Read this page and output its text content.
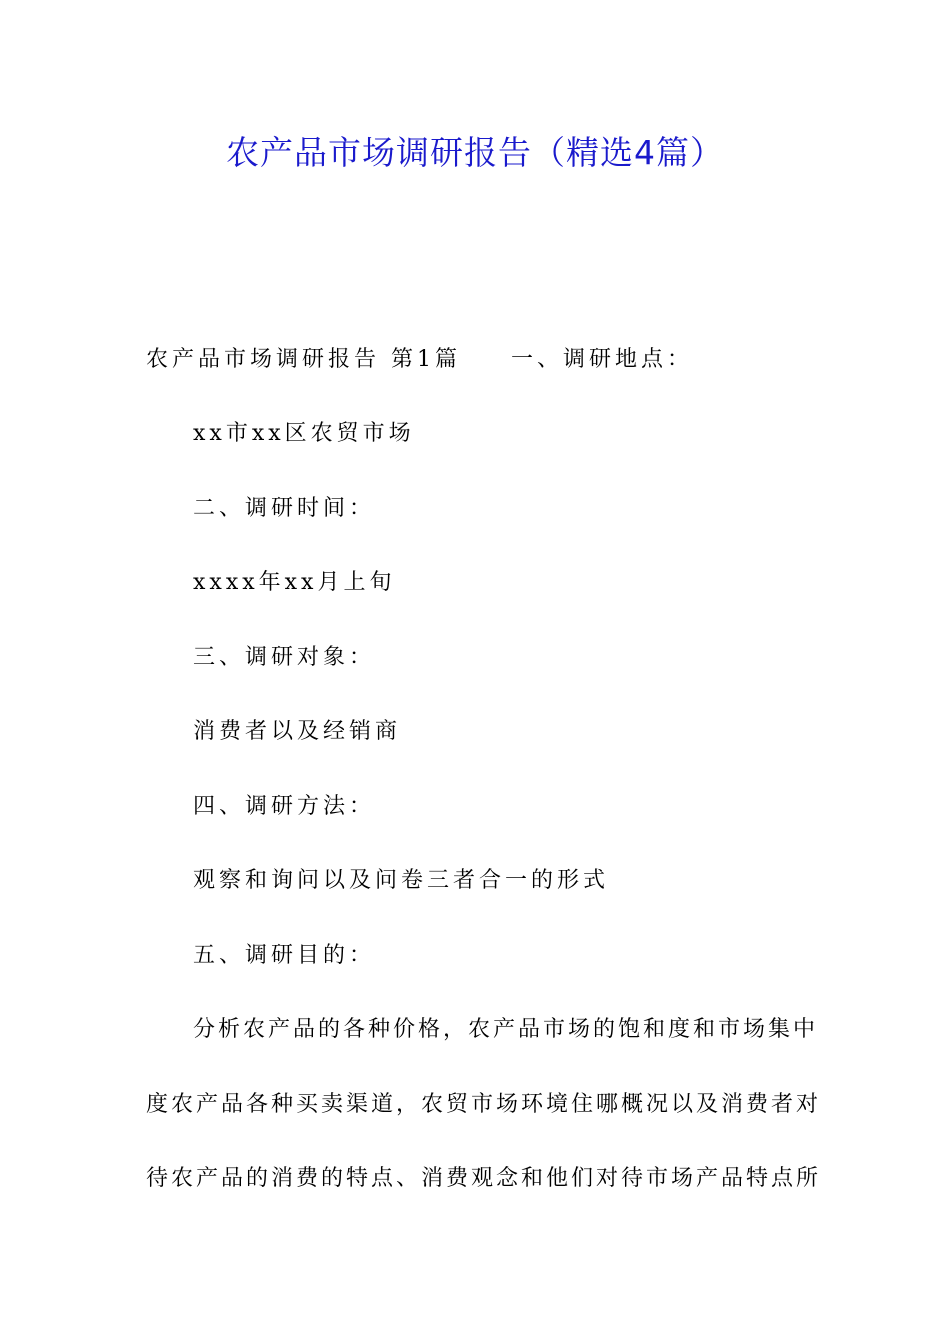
农产品市场调研报告（精选4篇）

农产品市场调研报告 第1篇 一、调研地点：

xx市xx区农贸市场

二、调研时间：

xxxx年xx月上旬

三、调研对象：

消费者以及经销商

四、调研方法：

观察和询问以及问卷三者合一的形式

五、调研目的：

分析农产品的各种价格，农产品市场的饱和度和市场集中

度农产品各种买卖渠道，农贸市场环境住哪概况以及消费者对

待农产品的消费的特点、消费观念和他们对待市场产品特点所
